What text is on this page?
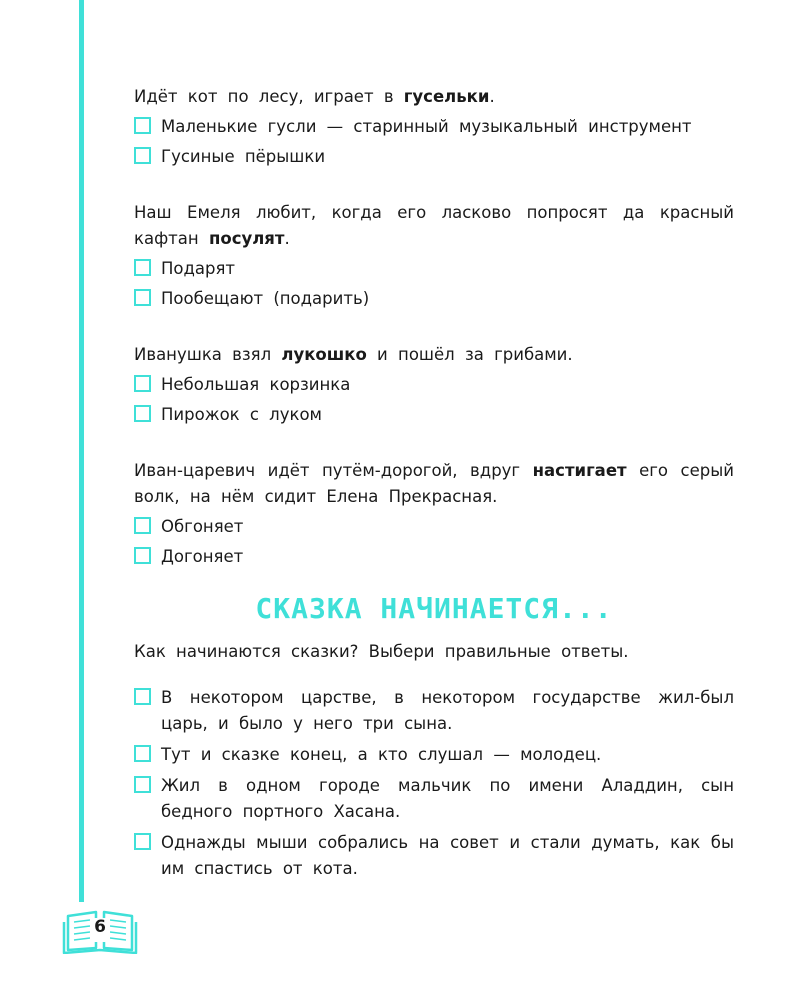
Идёт кот по лесу, играет в гусельки.
Маленькие гусли — старинный музыкальный инструмент
Гусиные пёрышки
Наш Емеля любит, когда его ласково попросят да красный кафтан посулят.
Подарят
Пообещают (подарить)
Иванушка взял лукошко и пошёл за грибами.
Небольшая корзинка
Пирожок с луком
Иван-царевич идёт путём-дорогой, вдруг настигает его серый волк, на нём сидит Елена Прекрасная.
Обгоняет
Догоняет
СКАЗКА НАЧИНАЕТСЯ...
Как начинаются сказки? Выбери правильные ответы.
В некотором царстве, в некотором государстве жил-был царь, и было у него три сына.
Тут и сказке конец, а кто слушал — молодец.
Жил в одном городе мальчик по имени Аладдин, сын бедного портного Хасана.
Однажды мыши собрались на совет и стали думать, как бы им спастись от кота.
6
